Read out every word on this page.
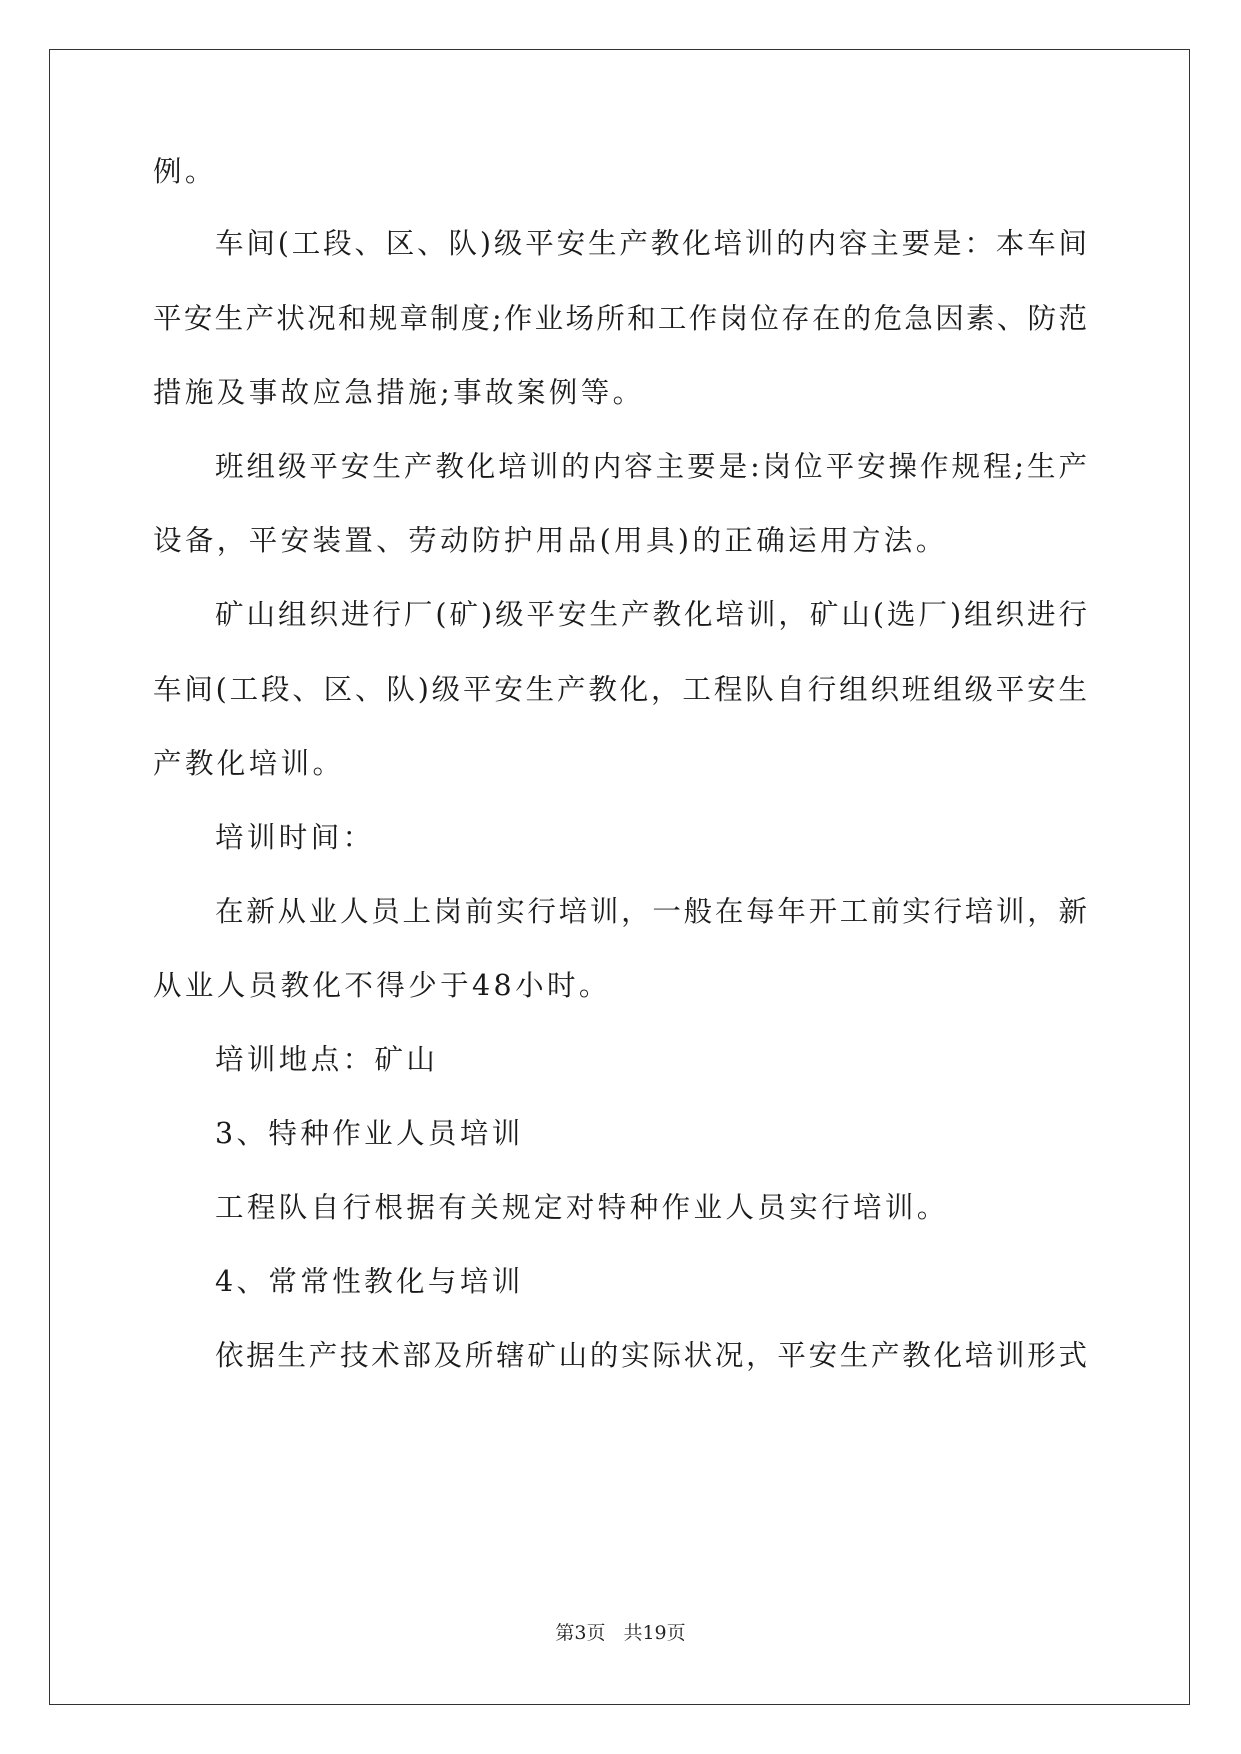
例。
车间(工段、区、队)级平安生产教化培训的内容主要是：本车间
平安生产状况和规章制度;作业场所和工作岗位存在的危急因素、防范
措施及事故应急措施;事故案例等。
班组级平安生产教化培训的内容主要是:岗位平安操作规程;生产
设备，平安装置、劳动防护用品(用具)的正确运用方法。
矿山组织进行厂(矿)级平安生产教化培训，矿山(选厂)组织进行
车间(工段、区、队)级平安生产教化，工程队自行组织班组级平安生
产教化培训。
培训时间：
在新从业人员上岗前实行培训，一般在每年开工前实行培训，新
从业人员教化不得少于48小时。
培训地点：矿山
3、特种作业人员培训
工程队自行根据有关规定对特种作业人员实行培训。
4、常常性教化与培训
依据生产技术部及所辖矿山的实际状况，平安生产教化培训形式
第3页 共19页
